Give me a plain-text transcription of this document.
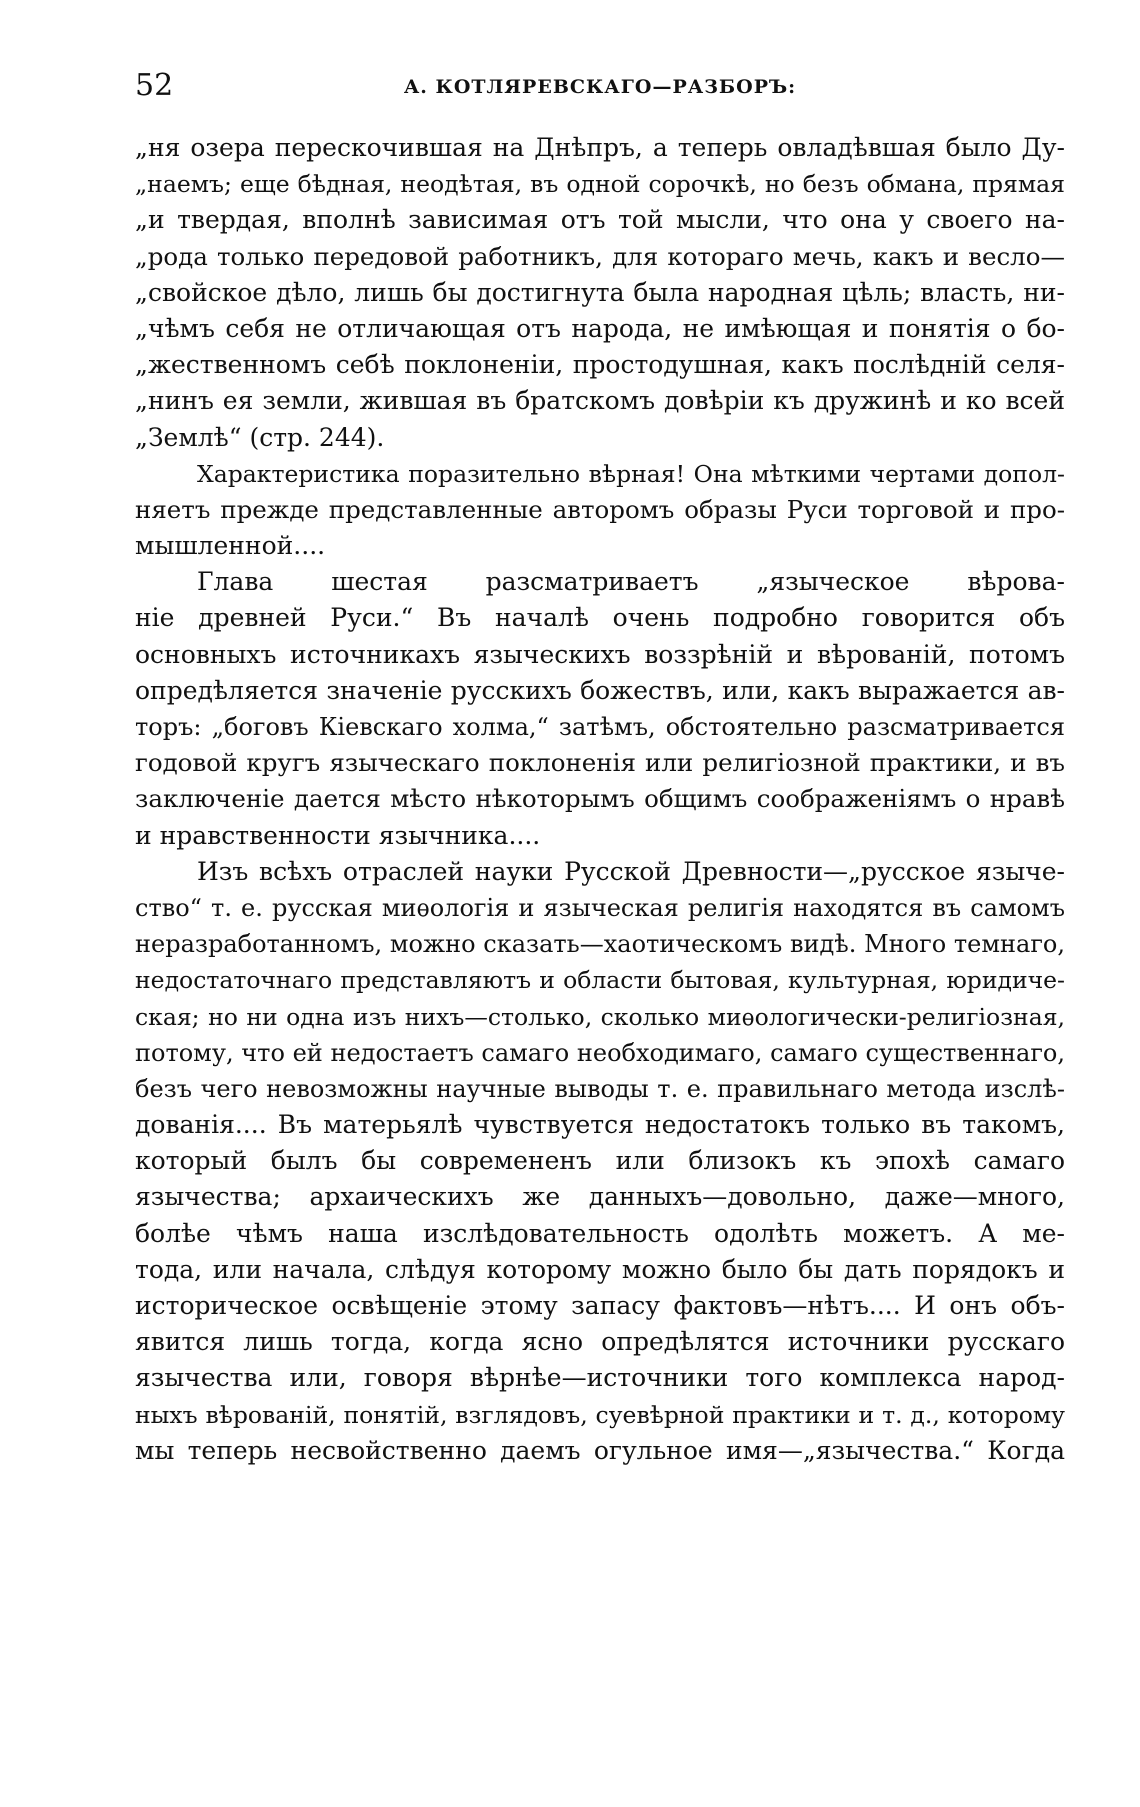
52	А. КОТЛЯРЕВСКАГО—РАЗБОРЪ:
„ня озера перескочившая на Днѣпръ, а теперь овладѣвшая было Ду-
„наемъ; еще бѣдная, неодѣтая, въ одной сорочкѣ, но безъ обмана, прямая
„и твердая, вполнѣ зависимая отъ той мысли, что она у своего на-
„рода только передовой работникъ, для котораго мечь, какъ и весло—
„свойское дѣло, лишь бы достигнута была народная цѣль; власть, ни-
„чѣмъ себя не отличающая отъ народа, не имѣющая и понятія о бо-
„жественномъ себѣ поклоненіи, простодушная, какъ послѣдній селя-
„нинъ ея земли, жившая въ братскомъ довѣріи къ дружинѣ и ко всей
„Землѣ“ (стр. 244).
Характеристика поразительно вѣрная! Она мѣткими чертами допол-
няетъ прежде представленные авторомъ образы Руси торговой и про-
мышленной....
Глава шестая разсматриваетъ „языческое вѣрова-
ніе древней Руси.“ Въ началѣ очень подробно говорится объ
основныхъ источникахъ языческихъ воззрѣній и вѣрованій, потомъ
опредѣляется значеніе русскихъ божествъ, или, какъ выражается ав-
торъ: „боговъ Кіевскаго холма,“ затѣмъ, обстоятельно разсматривается
годовой кругъ языческаго поклоненія или религіозной практики, и въ
заключеніе дается мѣсто нѣкоторымъ общимъ соображеніямъ о нравѣ
и нравственности язычника....
Изъ всѣхъ отраслей науки Русской Древности—„русское языче-
ство“ т. е. русская миѳологія и языческая религія находятся въ самомъ
неразработанномъ, можно сказать—хаотическомъ видѣ. Много темнаго,
недостаточнаго представляютъ и области бытовая, культурная, юридиче-
ская; но ни одна изъ нихъ—столько, сколько миѳологически-религіозная,
потому, что ей недостаетъ самаго необходимаго, самаго существеннаго,
безъ чего невозможны научные выводы т. е. правильнаго метода изслѣ-
дованія.... Въ матерьялѣ чувствуется недостатокъ только въ такомъ,
который былъ бы современенъ или близокъ къ эпохѣ самаго
язычества; архаическихъ же данныхъ—довольно, даже—много,
болѣе чѣмъ наша изслѣдовательность одолѣть можетъ. А ме-
тода, или начала, слѣдуя которому можно было бы дать порядокъ и
историческое освѣщеніе этому запасу фактовъ—нѣтъ.... И онъ объ-
явится лишь тогда, когда ясно опредѣлятся источники русскаго
язычества или, говоря вѣрнѣе—источники того комплекса народ-
ныхъ вѣрованій, понятій, взглядовъ, суевѣрной практики и т. д., которому
мы теперь несвойственно даемъ огульное имя—„язычества.“ Когда
